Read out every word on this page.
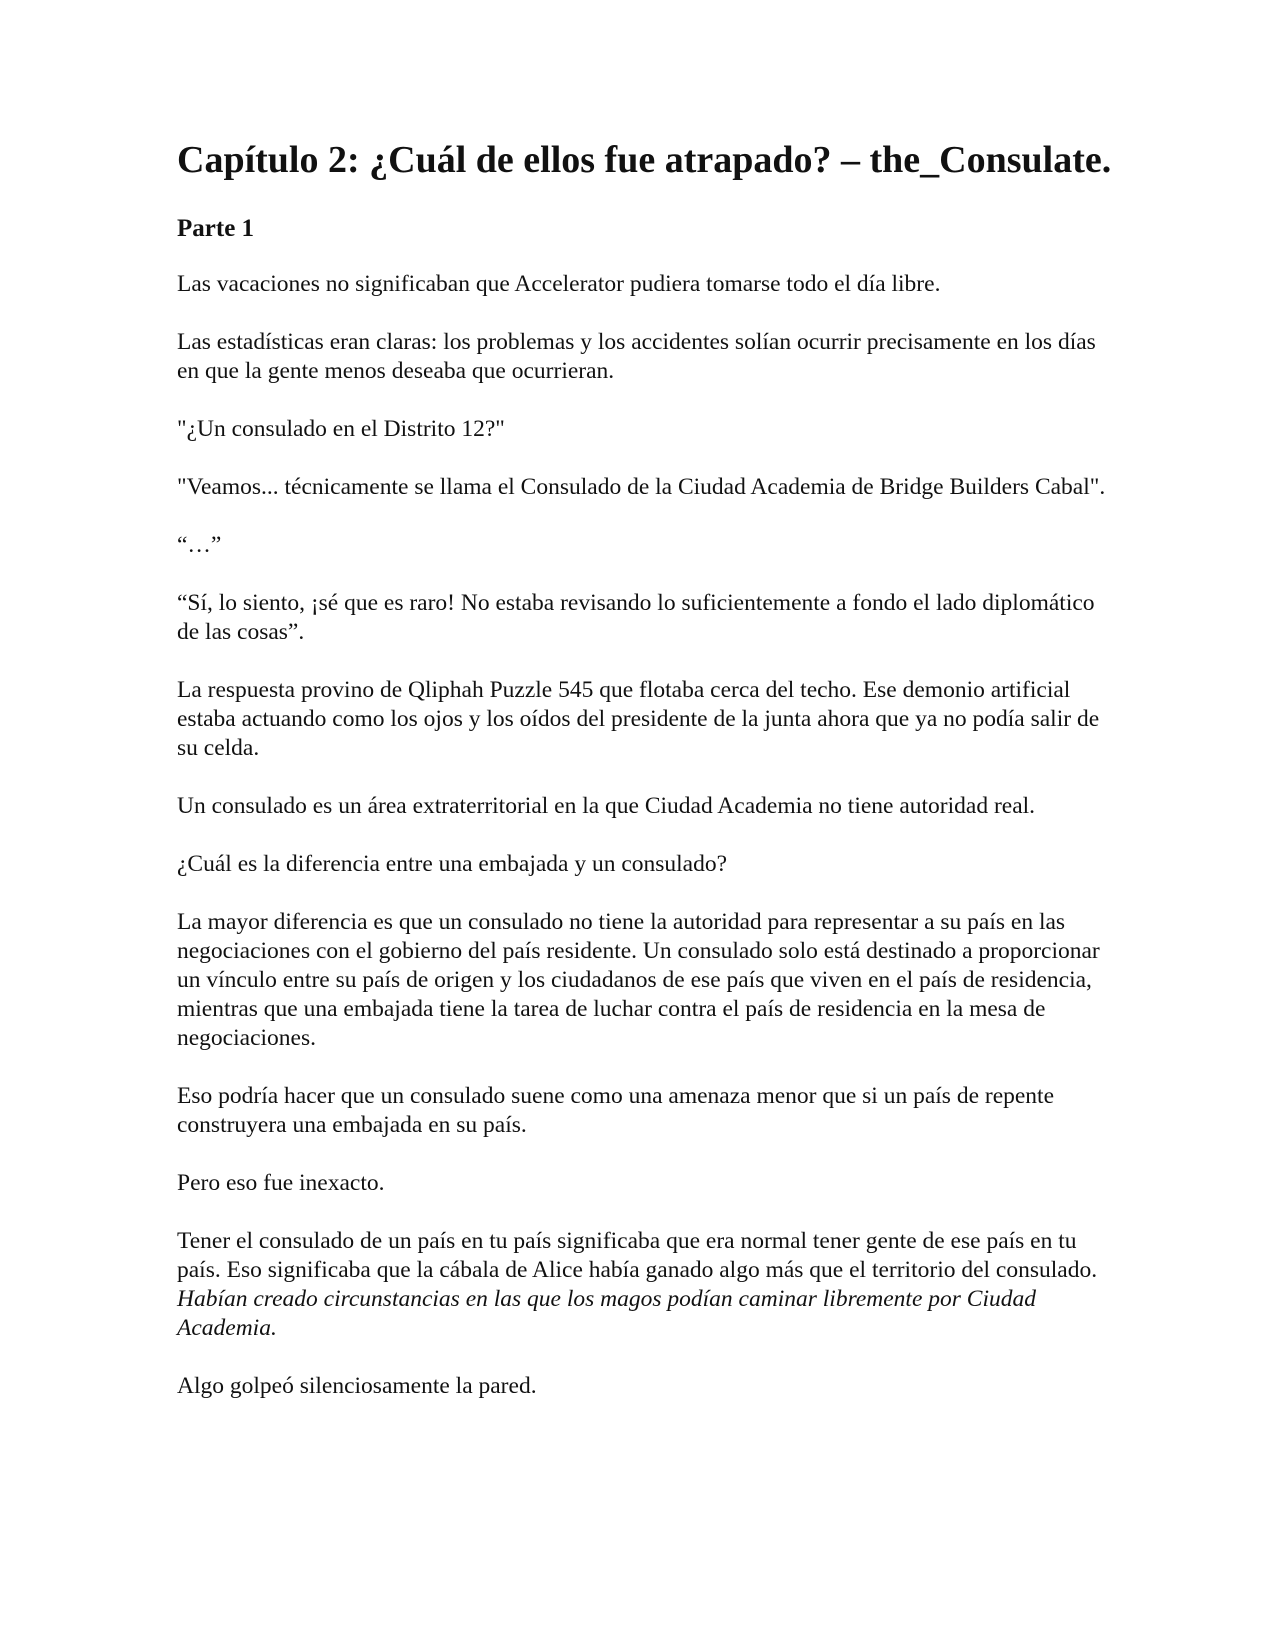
Capítulo 2: ¿Cuál de ellos fue atrapado? – the_Consulate.
Parte 1

Las vacaciones no significaban que Accelerator pudiera tomarse todo el día libre.

Las estadísticas eran claras: los problemas y los accidentes solían ocurrir precisamente en los días en que la gente menos deseaba que ocurrieran.

"¿Un consulado en el Distrito 12?"

"Veamos... técnicamente se llama el Consulado de la Ciudad Academia de Bridge Builders Cabal".

“…”

“Sí, lo siento, ¡sé que es raro! No estaba revisando lo suficientemente a fondo el lado diplomático de las cosas”.

La respuesta provino de Qliphah Puzzle 545 que flotaba cerca del techo. Ese demonio artificial estaba actuando como los ojos y los oídos del presidente de la junta ahora que ya no podía salir de su celda.

Un consulado es un área extraterritorial en la que Ciudad Academia no tiene autoridad real.

¿Cuál es la diferencia entre una embajada y un consulado?

La mayor diferencia es que un consulado no tiene la autoridad para representar a su país en las negociaciones con el gobierno del país residente. Un consulado solo está destinado a proporcionar un vínculo entre su país de origen y los ciudadanos de ese país que viven en el país de residencia, mientras que una embajada tiene la tarea de luchar contra el país de residencia en la mesa de negociaciones.

Eso podría hacer que un consulado suene como una amenaza menor que si un país de repente construyera una embajada en su país.

Pero eso fue inexacto.

Tener el consulado de un país en tu país significaba que era normal tener gente de ese país en tu país. Eso significaba que la cábala de Alice había ganado algo más que el territorio del consulado. Habían creado circunstancias en las que los magos podían caminar libremente por Ciudad Academia.

Algo golpeó silenciosamente la pared.
